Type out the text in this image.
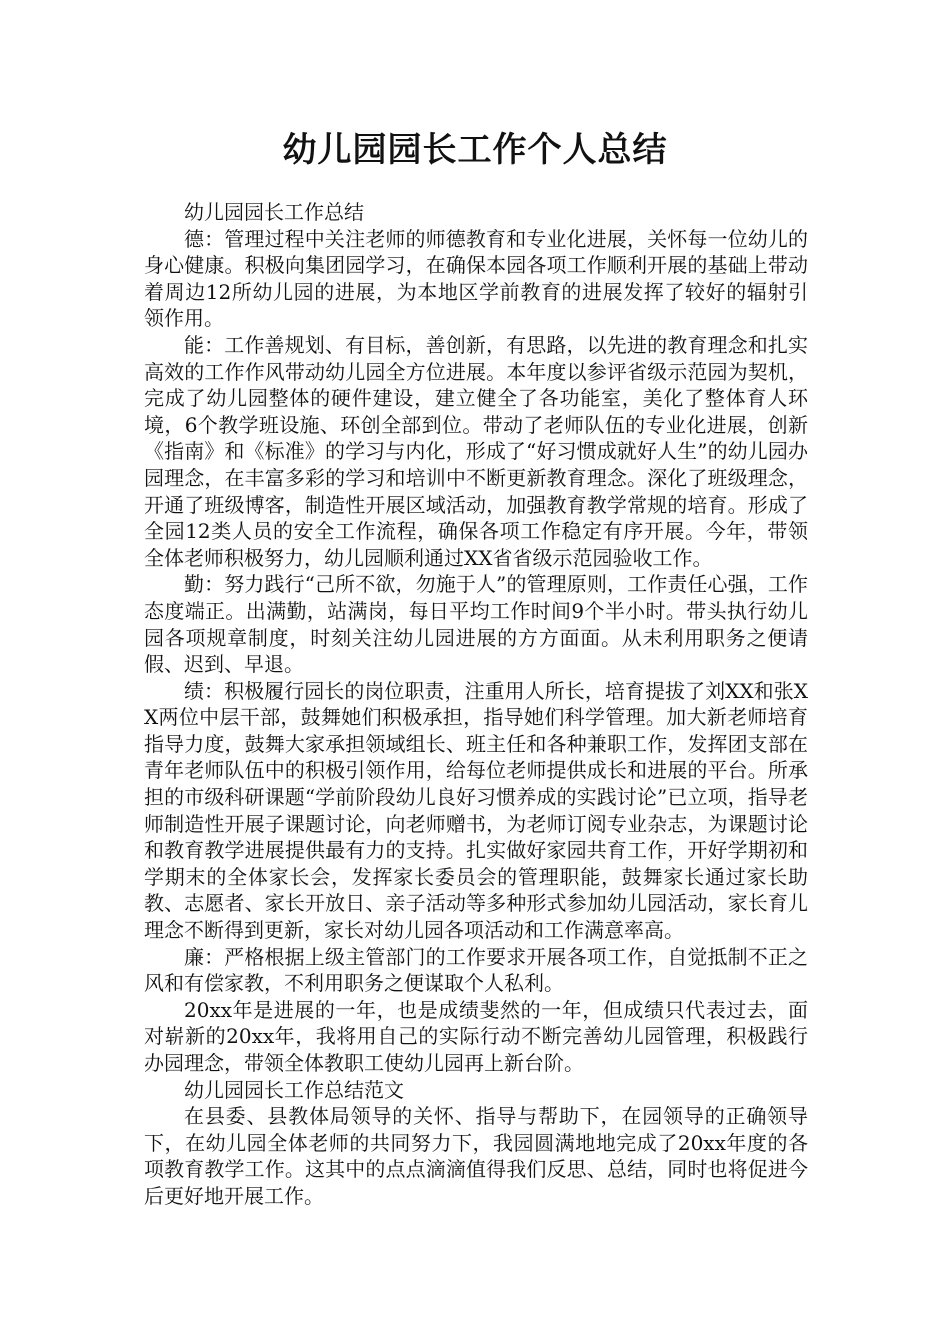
幼儿园园长工作个人总结

幼儿园园长工作总结

德：管理过程中关注老师的师德教育和专业化进展，关怀每一位幼儿的身心健康。积极向集团园学习，在确保本园各项工作顺利开展的基础上带动着周边12所幼儿园的进展，为本地区学前教育的进展发挥了较好的辐射引领作用。

能：工作善规划、有目标，善创新，有思路，以先进的教育理念和扎实高效的工作作风带动幼儿园全方位进展。本年度以参评省级示范园为契机，完成了幼儿园整体的硬件建设，建立健全了各功能室，美化了整体育人环境，6个教学班设施、环创全部到位。带动了老师队伍的专业化进展，创新《指南》和《标准》的学习与内化，形成了“好习惯成就好人生”的幼儿园办园理念，在丰富多彩的学习和培训中不断更新教育理念。深化了班级理念，开通了班级博客，制造性开展区域活动，加强教育教学常规的培育。形成了全园12类人员的安全工作流程，确保各项工作稳定有序开展。今年，带领全体老师积极努力，幼儿园顺利通过XX省省级示范园验收工作。

勤：努力践行“己所不欲，勿施于人”的管理原则，工作责任心强，工作态度端正。出满勤，站满岗，每日平均工作时间9个半小时。带头执行幼儿园各项规章制度，时刻关注幼儿园进展的方方面面。从未利用职务之便请假、迟到、早退。

绩：积极履行园长的岗位职责，注重用人所长，培育提拔了刘XX和张XX两位中层干部，鼓舞她们积极承担，指导她们科学管理。加大新老师培育指导力度，鼓舞大家承担领域组长、班主任和各种兼职工作，发挥团支部在青年老师队伍中的积极引领作用，给每位老师提供成长和进展的平台。所承担的市级科研课题“学前阶段幼儿良好习惯养成的实践讨论”已立项，指导老师制造性开展子课题讨论，向老师赠书，为老师订阅专业杂志，为课题讨论和教育教学进展提供最有力的支持。扎实做好家园共育工作，开好学期初和学期末的全体家长会，发挥家长委员会的管理职能，鼓舞家长通过家长助教、志愿者、家长开放日、亲子活动等多种形式参加幼儿园活动，家长育儿理念不断得到更新，家长对幼儿园各项活动和工作满意率高。

廉：严格根据上级主管部门的工作要求开展各项工作，自觉抵制不正之风和有偿家教，不利用职务之便谋取个人私利。

20xx年是进展的一年，也是成绩斐然的一年，但成绩只代表过去，面对崭新的20xx年，我将用自己的实际行动不断完善幼儿园管理，积极践行办园理念，带领全体教职工使幼儿园再上新台阶。

幼儿园园长工作总结范文

在县委、县教体局领导的关怀、指导与帮助下，在园领导的正确领导下，在幼儿园全体老师的共同努力下，我园圆满地地完成了20xx年度的各项教育教学工作。这其中的点点滴滴值得我们反思、总结，同时也将促进今后更好地开展工作。
